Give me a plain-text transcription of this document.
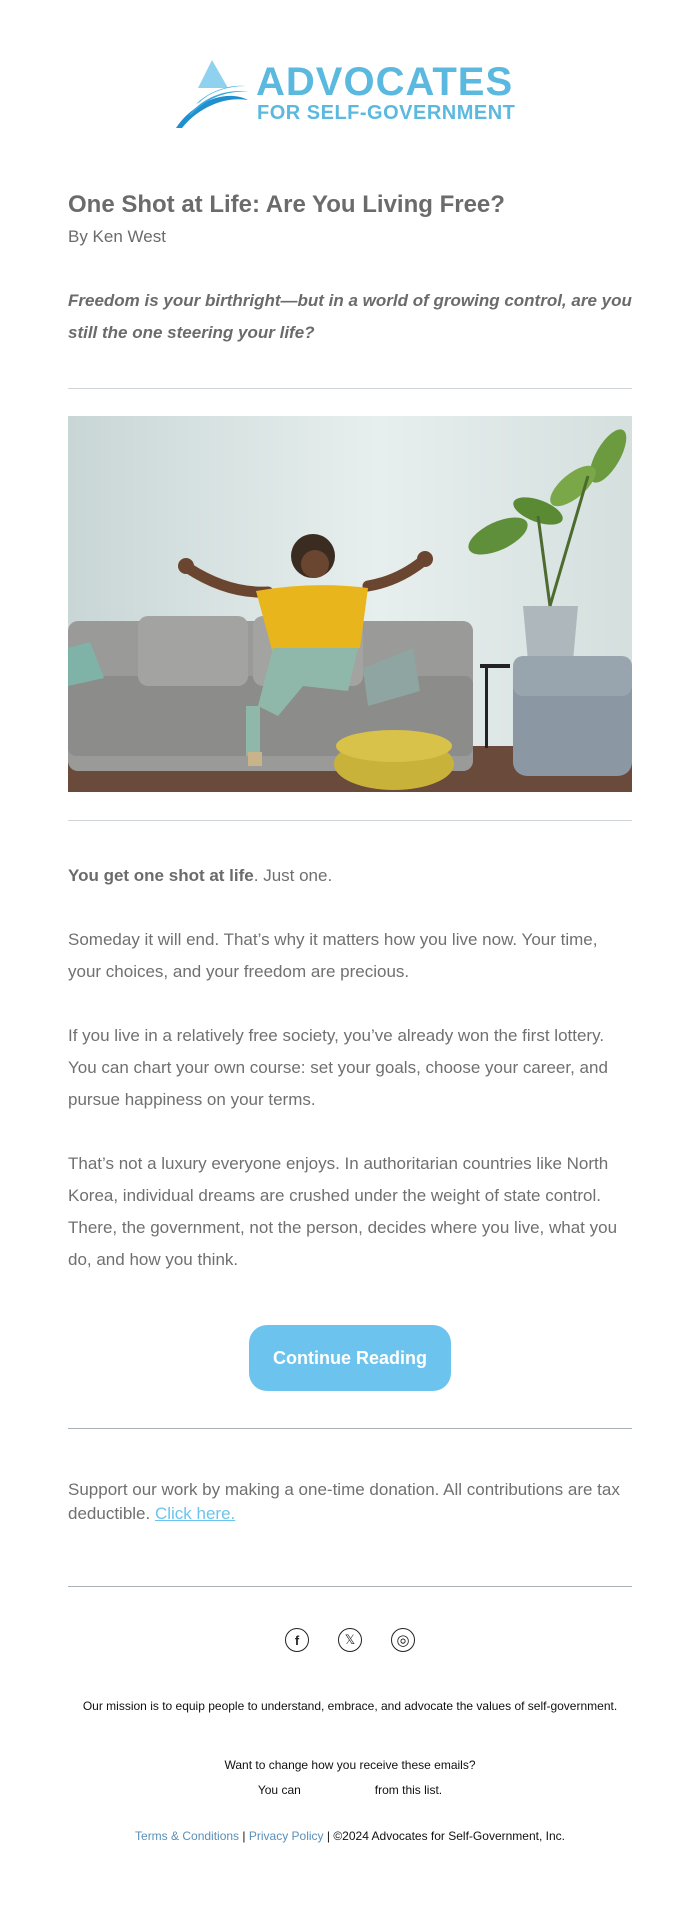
ADVOCATES
FOR SELF-GOVERNMENT
One Shot at Life: Are You Living Free?
By Ken West
Freedom is your birthright—but in a world of growing control, are you still the one steering your life?
You get one shot at life. Just one.
Someday it will end. That’s why it matters how you live now. Your time, your choices, and your freedom are precious.
If you live in a relatively free society, you’ve already won the first lottery. You can chart your own course: set your goals, choose your career, and pursue happiness on your terms.
That’s not a luxury everyone enjoys. In authoritarian countries like North Korea, individual dreams are crushed under the weight of state control. There, the government, not the person, decides where you live, what you do, and how you think.
Continue Reading
Support our work by making a one-time donation. All contributions are tax deductible. Click here.
f	𝕏	◎
Our mission is to equip people to understand, embrace, and advocate the values of self-government.
Want to change how you receive these emails?
You can	from this list.
Terms & Conditions | Privacy Policy | ©2024 Advocates for Self-Government, Inc.
